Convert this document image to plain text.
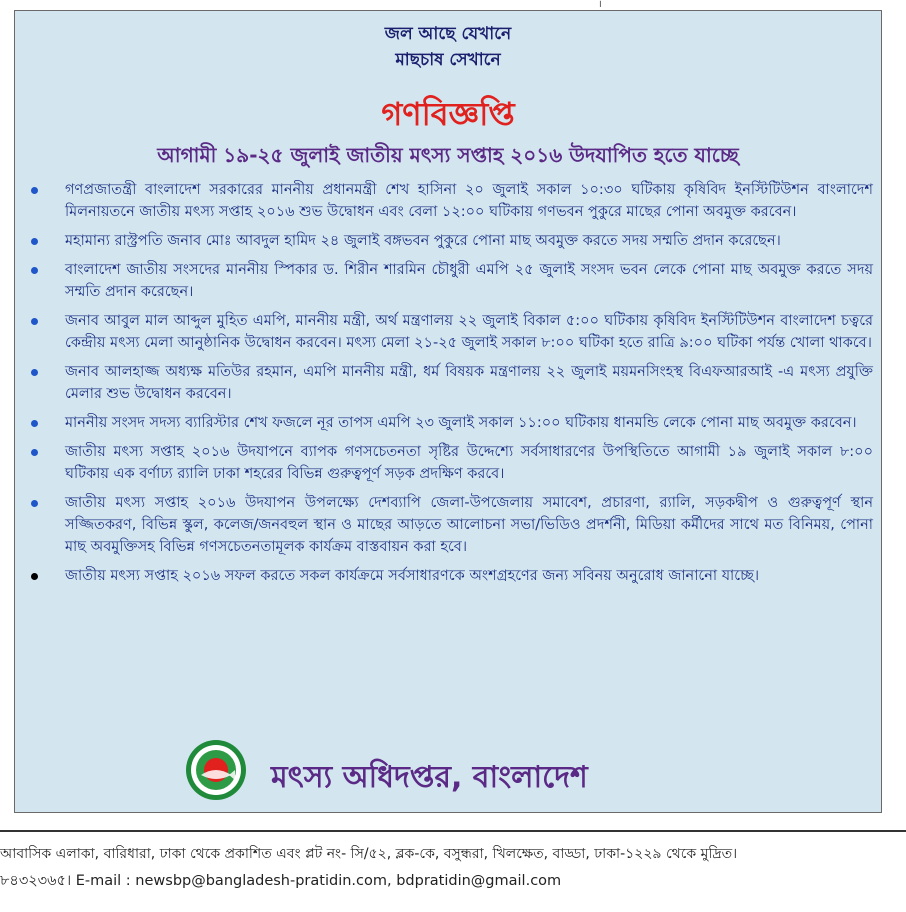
।
জল আছে যেখানে
মাছচাষ সেখানে
গণবিজ্ঞপ্তি
আগামী ১৯-২৫ জুলাই জাতীয় মৎস্য সপ্তাহ ২০১৬ উদযাপিত হতে যাচ্ছে
গণপ্রজাতন্ত্রী বাংলাদেশ সরকারের মাননীয় প্রধানমন্ত্রী শেখ হাসিনা ২০ জুলাই সকাল ১০:৩০ ঘটিকায় কৃষিবিদ ইনস্টিটিউশন বাংলাদেশ মিলনায়তনে জাতীয় মৎস্য সপ্তাহ ২০১৬ শুভ উদ্বোধন এবং বেলা ১২:০০ ঘটিকায় গণভবন পুকুরে মাছের পোনা অবমুক্ত করবেন।
মহামান্য রাস্ট্রপতি জনাব মোঃ আবদুল হামিদ ২৪ জুলাই বঙ্গভবন পুকুরে পোনা মাছ অবমুক্ত করতে সদয় সম্মতি প্রদান করেছেন।
বাংলাদেশ জাতীয় সংসদের মাননীয় স্পিকার ড. শিরীন শারমিন চৌধুরী এমপি ২৫ জুলাই সংসদ ভবন লেকে পোনা মাছ অবমুক্ত করতে সদয় সম্মতি প্রদান করেছেন।
জনাব আবুল মাল আব্দুল মুহিত এমপি, মাননীয় মন্ত্রী, অর্থ মন্ত্রণালয় ২২ জুলাই বিকাল ৫:০০ ঘটিকায় কৃষিবিদ ইনস্টিটিউশন বাংলাদেশ চত্বরে কেন্দ্রীয় মৎস্য মেলা আনুষ্ঠানিক উদ্বোধন করবেন। মৎস্য মেলা ২১-২৫ জুলাই সকাল ৮:০০ ঘটিকা হতে রাত্রি ৯:০০ ঘটিকা পর্যন্ত খোলা থাকবে।
জনাব আলহাজ্জ অধ্যক্ষ মতিউর রহমান, এমপি মাননীয় মন্ত্রী, ধর্ম বিষয়ক মন্ত্রণালয় ২২ জুলাই ময়মনসিংহস্থ বিএফআরআই -এ মৎস্য প্রযুক্তি মেলার শুভ উদ্বোধন করবেন।
মাননীয় সংসদ সদস্য ব্যারিস্টার শেখ ফজলে নূর তাপস এমপি ২৩ জুলাই সকাল ১১:০০ ঘটিকায় ধানমন্ডি লেকে পোনা মাছ অবমুক্ত করবেন।
জাতীয় মৎস্য সপ্তাহ ২০১৬ উদযাপনে ব্যাপক গণসচেতনতা সৃষ্টির উদ্দেশ্যে সর্বসাধারণের উপস্থিতিতে আগামী ১৯ জুলাই সকাল ৮:০০ ঘটিকায় এক বর্ণাঢ্য র‌্যালি ঢাকা শহরের বিভিন্ন গুরুত্বপূর্ণ সড়ক প্রদক্ষিণ করবে।
জাতীয় মৎস্য সপ্তাহ ২০১৬ উদযাপন উপলক্ষ্যে দেশব্যাপি জেলা-উপজেলায় সমাবেশ, প্রচারণা, র‌্যালি, সড়কদ্বীপ ও গুরুত্বপূর্ণ স্থান সজ্জিতকরণ, বিভিন্ন স্কুল, কলেজ/জনবহুল স্থান ও মাছের আড়তে আলোচনা সভা/ভিডিও প্রদর্শনী, মিডিয়া কর্মীদের সাথে মত বিনিময়, পোনা মাছ অবমুক্তিসহ বিভিন্ন গণসচেতনতামূলক কার্যক্রম বাস্তবায়ন করা হবে।
জাতীয় মৎস্য সপ্তাহ ২০১৬ সফল করতে সকল কার্যক্রমে সর্বসাধারণকে অংশগ্রহণের জন্য সবিনয় অনুরোধ জানানো যাচ্ছে।
মৎস্য অধিদপ্তর, বাংলাদেশ
আবাসিক এলাকা, বারিধারা, ঢাকা থেকে প্রকাশিত এবং প্লট নং- সি/৫২, ব্লক-কে, বসুন্ধরা, খিলক্ষেত, বাড্ডা, ঢাকা-১২২৯ থেকে মুদ্রিত।
৮৪৩২৩৬৫। E-mail : newsbp@bangladesh-pratidin.com, bdpratidin@gmail.com
